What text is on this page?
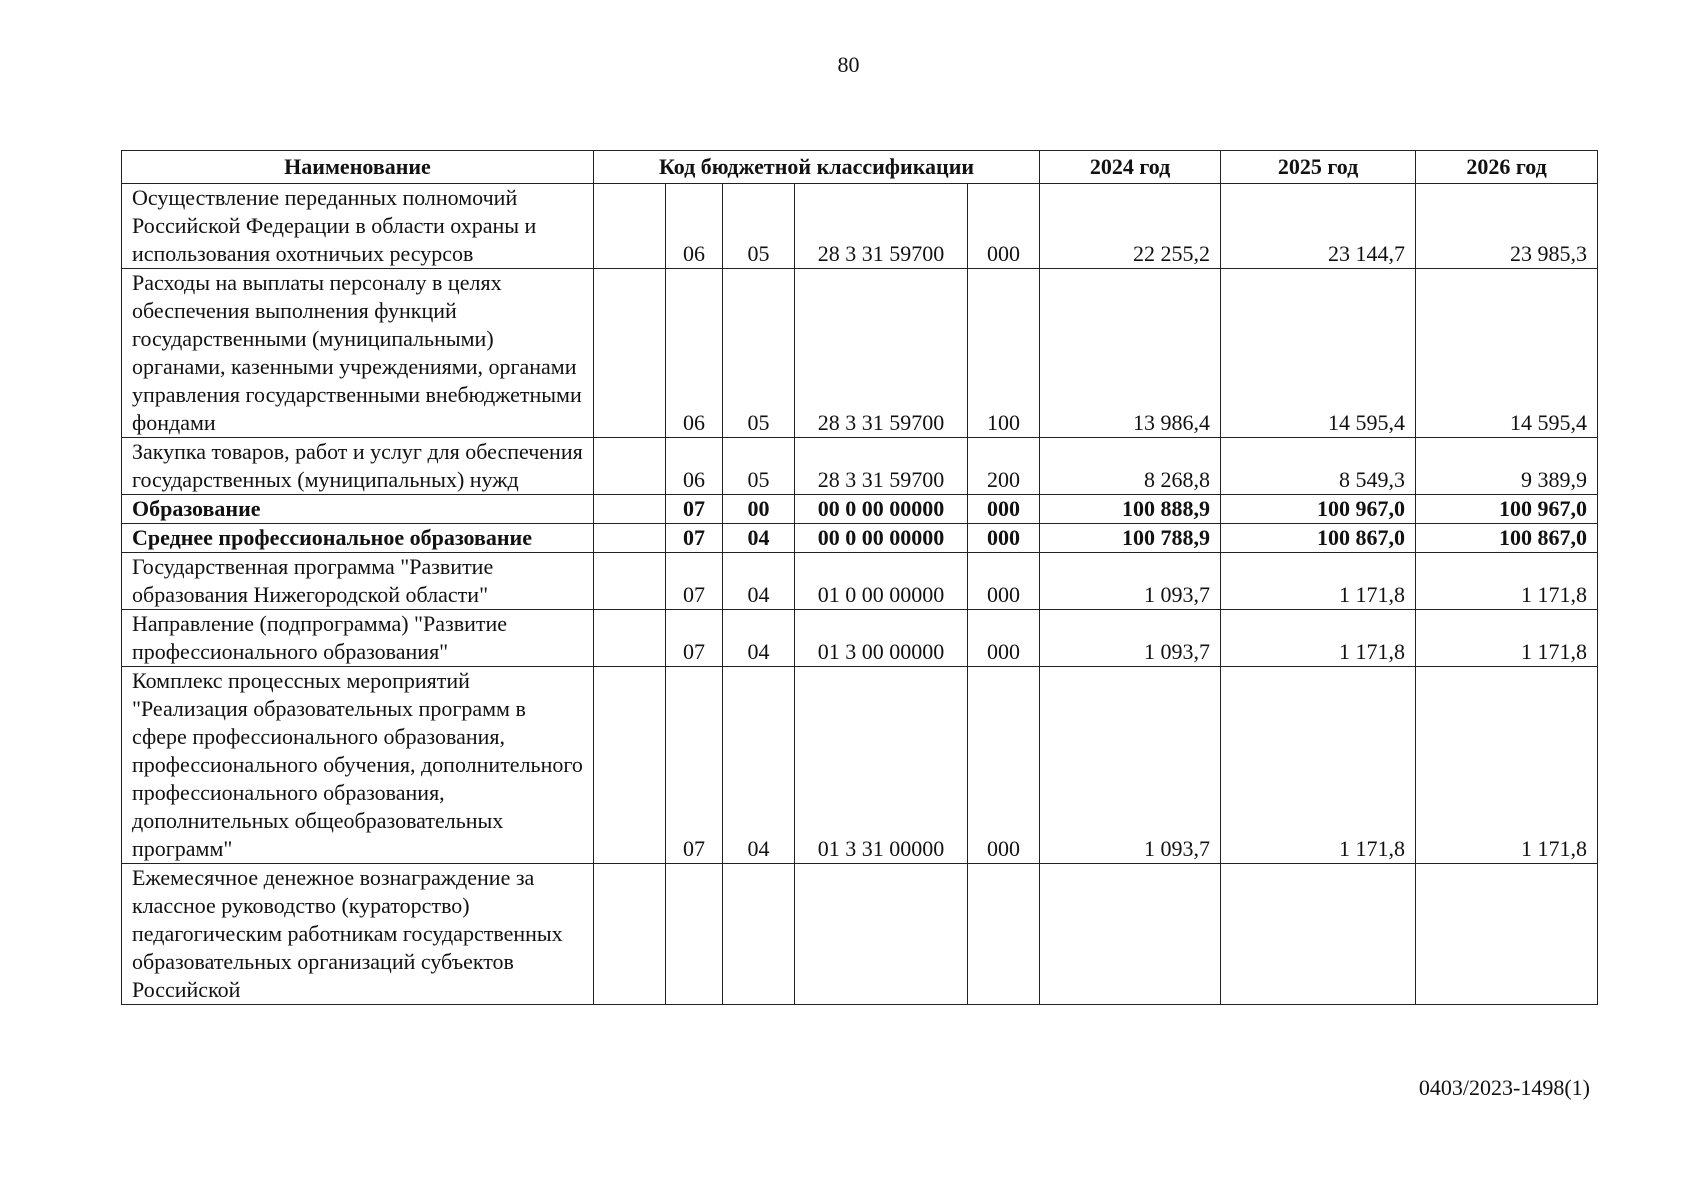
80
Наименование	Код бюджетной классификации					2024 год	2025 год	2026 год
Осуществление переданных полномочий Российской Федерации в области охраны и использования охотничьих ресурсов		06	05	28 3 31 59700	000	22 255,2	23 144,7	23 985,3
Расходы на выплаты персоналу в целях обеспечения выполнения функций государственными (муниципальными) органами, казенными учреждениями, органами управления государственными внебюджетными фондами		06	05	28 3 31 59700	100	13 986,4	14 595,4	14 595,4
Закупка товаров, работ и услуг для обеспечения государственных (муниципальных) нужд		06	05	28 3 31 59700	200	8 268,8	8 549,3	9 389,9
Образование		07	00	00 0 00 00000	000	100 888,9	100 967,0	100 967,0
Среднее профессиональное образование		07	04	00 0 00 00000	000	100 788,9	100 867,0	100 867,0
Государственная программа "Развитие образования Нижегородской области"		07	04	01 0 00 00000	000	1 093,7	1 171,8	1 171,8
Направление (подпрограмма) "Развитие профессионального образования"		07	04	01 3 00 00000	000	1 093,7	1 171,8	1 171,8
Комплекс процессных мероприятий "Реализация образовательных программ в сфере профессионального образования, профессионального обучения, дополнительного профессионального образования, дополнительных общеобразовательных программ"		07	04	01 3 31 00000	000	1 093,7	1 171,8	1 171,8
Ежемесячное денежное вознаграждение за классное руководство (кураторство) педагогическим работникам государственных образовательных организаций субъектов Российской								
0403/2023-1498(1)
